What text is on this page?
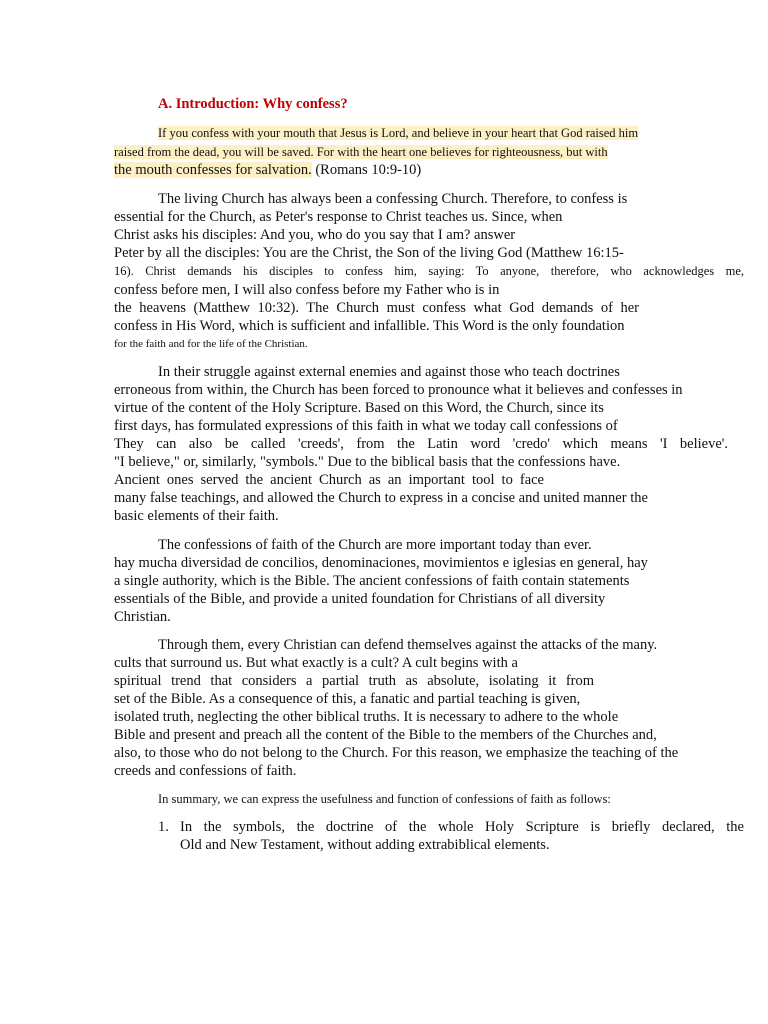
A. Introduction: Why confess?
If you confess with your mouth that Jesus is Lord, and believe in your heart that God raised him
raised from the dead, you will be saved. For with the heart one believes for righteousness, but with
the mouth confesses for salvation. (Romans 10:9-10)
The living Church has always been a confessing Church. Therefore, to confess is
essential for the Church, as Peter's response to Christ teaches us. Since, when
Christ asks his disciples: And you, who do you say that I am? answer
Peter by all the disciples: You are the Christ, the Son of the living God (Matthew 16:15-
16). Christ demands his disciples to confess him, saying: To anyone, therefore, who acknowledges me,
confess before men, I will also confess before my Father who is in
the heavens (Matthew 10:32). The Church must confess what God demands of her
confess in His Word, which is sufficient and infallible. This Word is the only foundation
for the faith and for the life of the Christian.
In their struggle against external enemies and against those who teach doctrines
erroneous from within, the Church has been forced to pronounce what it believes and confesses in
virtue of the content of the Holy Scripture. Based on this Word, the Church, since its
first days, has formulated expressions of this faith in what we today call confessions of
They can also be called 'creeds', from the Latin word 'credo' which means 'I believe'.
"I believe," or, similarly, "symbols." Due to the biblical basis that the confessions have.
Ancient ones served the ancient Church as an important tool to face
many false teachings, and allowed the Church to express in a concise and united manner the
basic elements of their faith.
The confessions of faith of the Church are more important today than ever.
hay mucha diversidad de concilios, denominaciones, movimientos e iglesias en general, hay
a single authority, which is the Bible. The ancient confessions of faith contain statements
essentials of the Bible, and provide a united foundation for Christians of all diversity
Christian.
Through them, every Christian can defend themselves against the attacks of the many.
cults that surround us. But what exactly is a cult? A cult begins with a
spiritual trend that considers a partial truth as absolute, isolating it from
set of the Bible. As a consequence of this, a fanatic and partial teaching is given,
isolated truth, neglecting the other biblical truths. It is necessary to adhere to the whole
Bible and present and preach all the content of the Bible to the members of the Churches and,
also, to those who do not belong to the Church. For this reason, we emphasize the teaching of the
creeds and confessions of faith.
In summary, we can express the usefulness and function of confessions of faith as follows:
1. In the symbols, the doctrine of the whole Holy Scripture is briefly declared, the
Old and New Testament, without adding extrabiblical elements.
